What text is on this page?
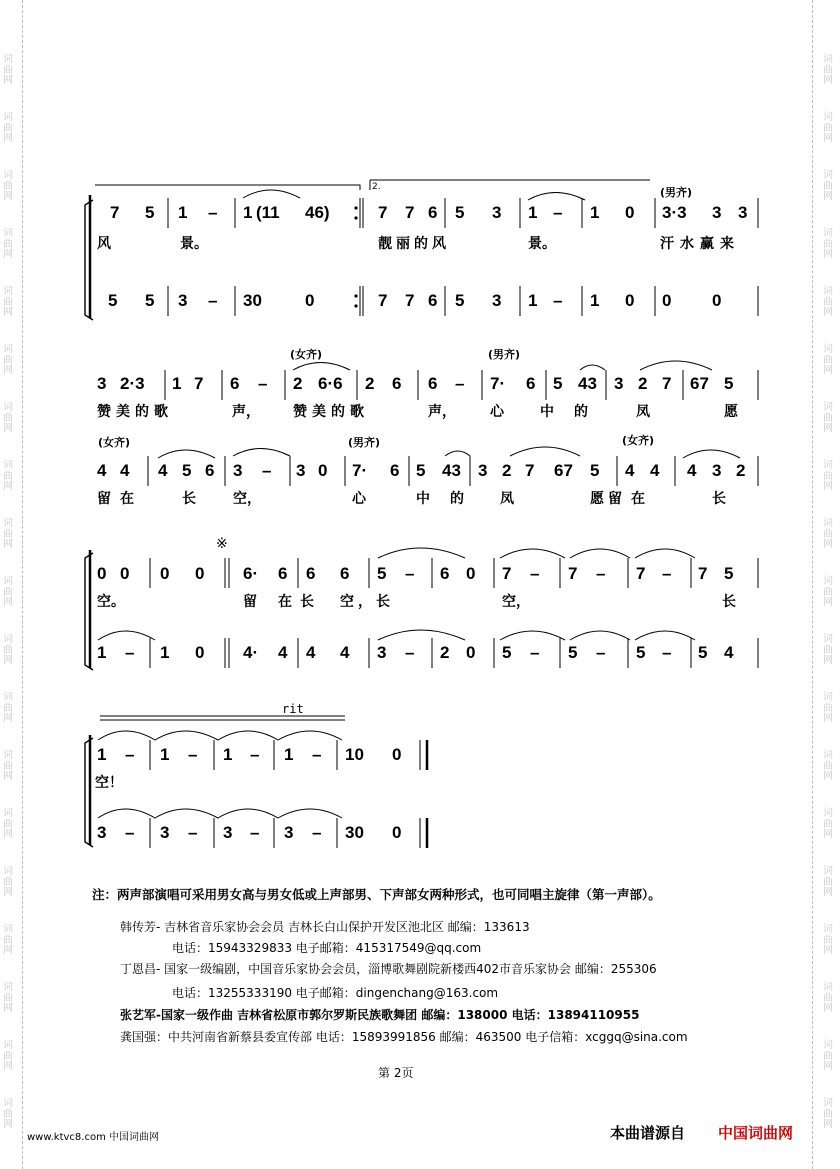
词
曲
网
词
曲
网
词
曲
网
词
曲
网
词
曲
网
词
曲
网
词
曲
网
词
曲
网
词
曲
网
词
曲
网
词
曲
网
词
曲
网
词
曲
网
词
曲
网
词
曲
网
词
曲
网
词
曲
网
词
曲
网
词
曲
网
词
曲
网
词
曲
网
词
曲
网
词
曲
网
词
曲
网
词
曲
网
词
曲
网
词
曲
网
词
曲
网
词
曲
网
词
曲
网
词
曲
网
词
曲
网
词
曲
网
词
曲
网
词
曲
网
词
曲
网
词
曲
网
词
曲
网
2.
※
rit
(男齐)
(女齐)	(男齐)
(女齐)	(男齐)	(女齐)
7 5 1 – 1 (11 46)	7 7 6 5 3 1 – 1 0 3·3 3 3
风	景。	靓丽的风	景。	汗水赢来
5 5 3 – 30	0	7 7 6 5 3 1 – 1 0 0 0
3 2·3 1 7 6 – 2 6·6 2 6 6 – 7· 6 5 43 3 2 7 67 5
赞美的歌	声， 赞美的歌	声， 心	中的 凤	愿
4 4 4 5 6 3 – 3 0 7· 6 5 43 3 2 7 67 5 4 4 4 3 2
留在	长	空，	心	中的 凤	愿 留在	长
0 0 0 0 6· 6 6 6 5 – 6 0 7 – 7 – 7 – 7 5
空。	留 在长 空，长	空，	长
1 – 1 0 4· 4 4 4 3 – 2 0 5 – 5 – 5 – 5 4
1 – 1 – 1 – 1 – 10 0
空！
3 – 3 – 3 – 3 – 30 0
注：两声部演唱可采用男女高与男女低或上声部男、下声部女两种形式，也可同唱主旋律（第一声部）。
韩传芳- 吉林省音乐家协会会员 吉林长白山保护开发区池北区 邮编：133613
电话：15943329833 电子邮箱：415317549@qq.com
丁恩昌- 国家一级编剧，中国音乐家协会会员，淄博歌舞剧院新楼西402市音乐家协会 邮编：255306
电话：13255333190 电子邮箱：dingenchang@163.com
张艺军-国家一级作曲 吉林省松原市郭尔罗斯民族歌舞团 邮编：138000 电话：13894110955
龚国强：中共河南省新蔡县委宣传部 电话：15893991856 邮编：463500 电子信箱：xcggq@sina.com
第 2页
www.ktvc8.com 中国词曲网	本曲谱源自 中国词曲网
